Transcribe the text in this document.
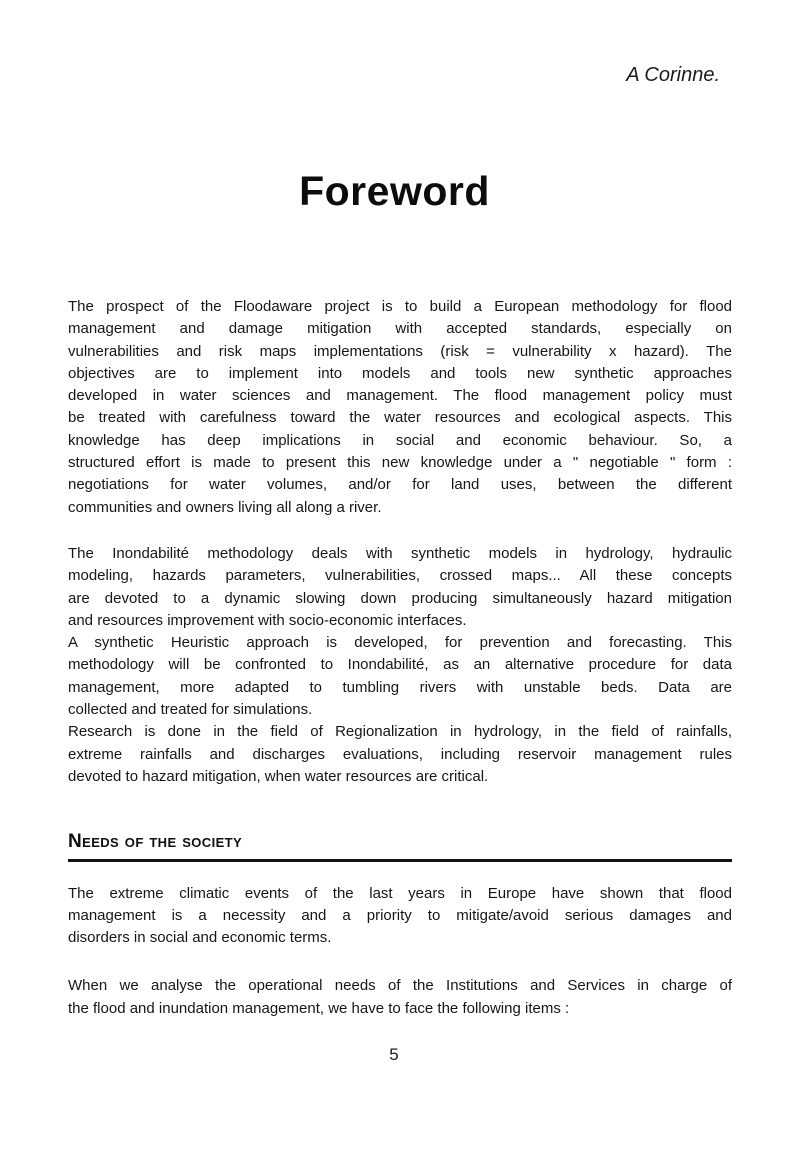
A Corinne.
Foreword
The prospect of the Floodaware project is to build a European methodology for flood
management and damage mitigation with accepted standards, especially on
vulnerabilities and risk maps implementations (risk = vulnerability x hazard). The
objectives are to implement into models and tools new synthetic approaches
developed in water sciences and management. The flood management policy must
be treated with carefulness toward the water resources and ecological aspects. This
knowledge has deep implications in social and economic behaviour. So, a
structured effort is made to present this new knowledge under a " negotiable " form :
negotiations for water volumes, and/or for land uses, between the different
communities and owners living all along a river.
The Inondabilité methodology deals with synthetic models in hydrology, hydraulic
modeling, hazards parameters, vulnerabilities, crossed maps... All these concepts
are devoted to a dynamic slowing down producing simultaneously hazard mitigation
and resources improvement with socio-economic interfaces.
A synthetic Heuristic approach is developed, for prevention and forecasting. This
methodology will be confronted to Inondabilité, as an alternative procedure for data
management, more adapted to tumbling rivers with unstable beds. Data are
collected and treated for simulations.
Research is done in the field of Regionalization in hydrology, in the field of rainfalls,
extreme rainfalls and discharges evaluations, including reservoir management rules
devoted to hazard mitigation, when water resources are critical.
Needs of the society
The extreme climatic events of the last years in Europe have shown that flood
management is a necessity and a priority to mitigate/avoid serious damages and
disorders in social and economic terms.
When we analyse the operational needs of the Institutions and Services in charge of
the flood and inundation management, we have to face the following items :
5
